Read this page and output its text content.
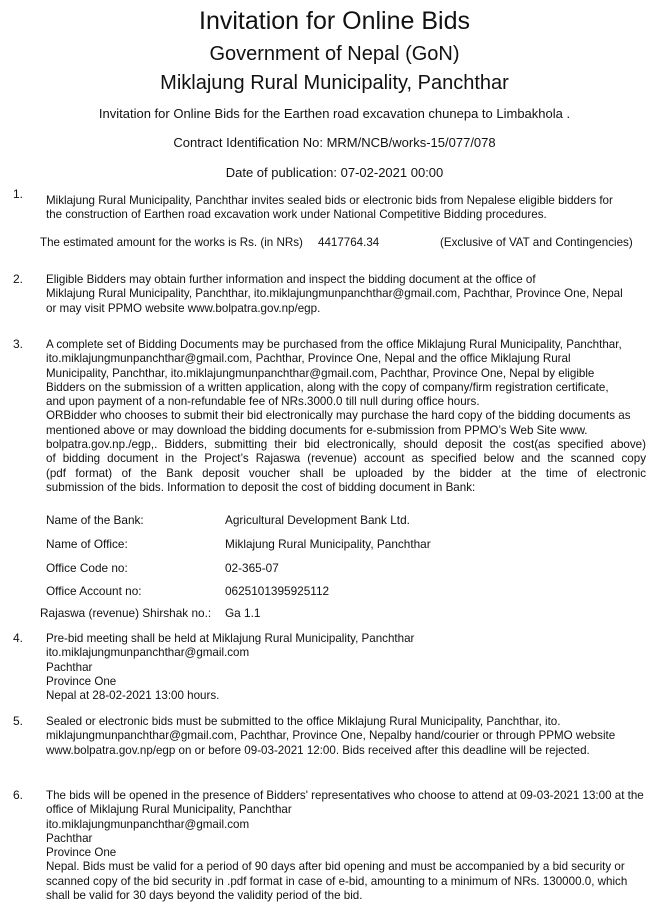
Invitation for Online Bids
Government of Nepal (GoN)
Miklajung Rural Municipality, Panchthar
Invitation for Online Bids for the Earthen road excavation chunepa to Limbakhola .
Contract Identification No: MRM/NCB/works-15/077/078
Date of publication: 07-02-2021 00:00
1. Miklajung Rural Municipality, Panchthar invites sealed bids or electronic bids from Nepalese eligible bidders for
the construction of Earthen road excavation work under National Competitive Bidding procedures.
The estimated amount for the works is Rs. (in NRs) 4417764.34	(Exclusive of VAT and Contingencies)
2. Eligible Bidders may obtain further information and inspect the bidding document at the office of
Miklajung Rural Municipality, Panchthar, ito.miklajungmunpanchthar@gmail.com, Pachthar, Province One, Nepal
or may visit PPMO website www.bolpatra.gov.np/egp.
3. A complete set of Bidding Documents may be purchased from the office Miklajung Rural Municipality, Panchthar,
ito.miklajungmunpanchthar@gmail.com, Pachthar, Province One, Nepal and the office Miklajung Rural
Municipality, Panchthar, ito.miklajungmunpanchthar@gmail.com, Pachthar, Province One, Nepal by eligible
Bidders on the submission of a written application, along with the copy of company/firm registration certificate,
and upon payment of a non-refundable fee of NRs.3000.0 till null during office hours.
ORBidder who chooses to submit their bid electronically may purchase the hard copy of the bidding documents as
mentioned above or may download the bidding documents for e-submission from PPMO’s Web Site www.
bolpatra.gov.np./egp,. Bidders, submitting their bid electronically, should deposit the cost(as specified above)
of bidding document in the Project’s Rajaswa (revenue) account as specified below and the scanned copy
(pdf format) of the Bank deposit voucher shall be uploaded by the bidder at the time of electronic
submission of the bids. Information to deposit the cost of bidding document in Bank:
Name of the Bank:	Agricultural Development Bank Ltd.
Name of Office:	Miklajung Rural Municipality, Panchthar
Office Code no:	02-365-07
Office Account no:	0625101395925112
Rajaswa (revenue) Shirshak no.: Ga 1.1
4. Pre-bid meeting shall be held at Miklajung Rural Municipality, Panchthar
ito.miklajungmunpanchthar@gmail.com
Pachthar
Province One
Nepal at 28-02-2021 13:00 hours.
5. Sealed or electronic bids must be submitted to the office Miklajung Rural Municipality, Panchthar, ito.
miklajungmunpanchthar@gmail.com, Pachthar, Province One, Nepalby hand/courier or through PPMO website
www.bolpatra.gov.np/egp on or before 09-03-2021 12:00. Bids received after this deadline will be rejected.
6. The bids will be opened in the presence of Bidders' representatives who choose to attend at 09-03-2021 13:00 at the
office of Miklajung Rural Municipality, Panchthar
ito.miklajungmunpanchthar@gmail.com
Pachthar
Province One
Nepal. Bids must be valid for a period of 90 days after bid opening and must be accompanied by a bid security or
scanned copy of the bid security in .pdf format in case of e-bid, amounting to a minimum of NRs. 130000.0, which
shall be valid for 30 days beyond the validity period of the bid.
